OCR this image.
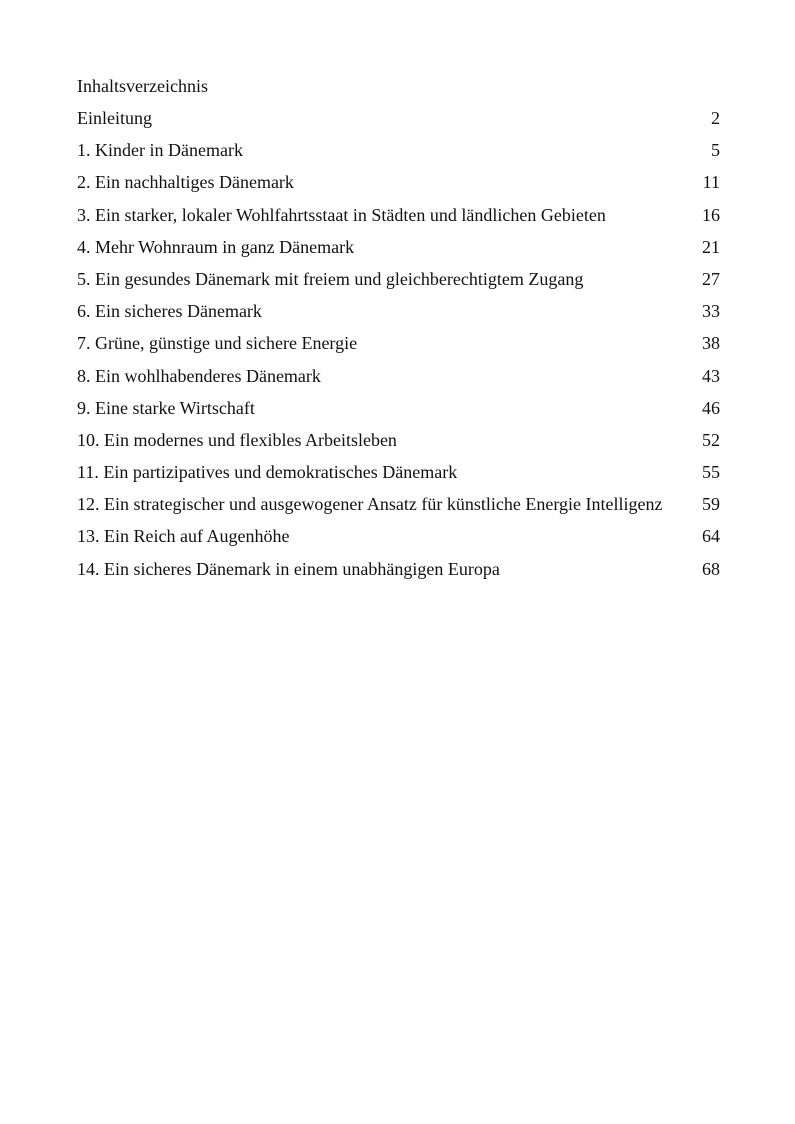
Inhaltsverzeichnis
Einleitung	2
1. Kinder in Dänemark	5
2. Ein nachhaltiges Dänemark	11
3. Ein starker, lokaler Wohlfahrtsstaat in Städten und ländlichen Gebieten	16
4. Mehr Wohnraum in ganz Dänemark	21
5. Ein gesundes Dänemark mit freiem und gleichberechtigtem Zugang	27
6. Ein sicheres Dänemark	33
7. Grüne, günstige und sichere Energie	38
8. Ein wohlhabenderes Dänemark	43
9. Eine starke Wirtschaft	46
10. Ein modernes und flexibles Arbeitsleben	52
11. Ein partizipatives und demokratisches Dänemark	55
12. Ein strategischer und ausgewogener Ansatz für künstliche Energie Intelligenz 59
13. Ein Reich auf Augenhöhe	64
14. Ein sicheres Dänemark in einem unabhängigen Europa	68
